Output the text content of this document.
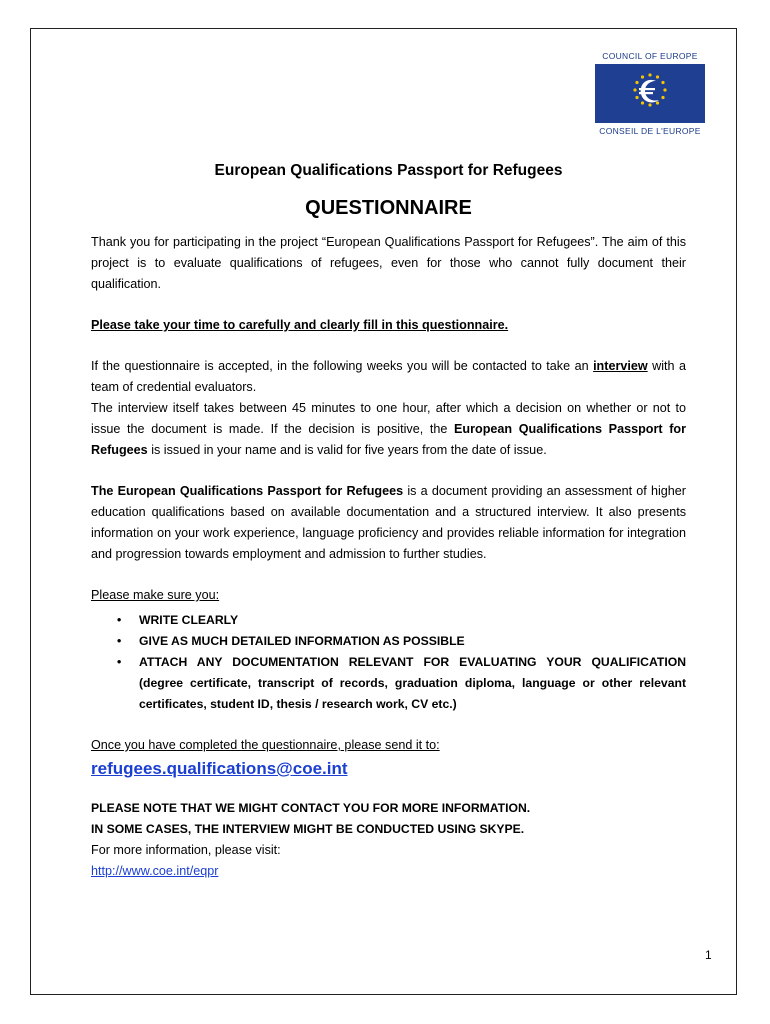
COUNCIL OF EUROPE
CONSEIL DE L'EUROPE
European Qualifications Passport for Refugees
QUESTIONNAIRE

Thank you for participating in the project “European Qualifications Passport for Refugees”. The aim of this project is to evaluate qualifications of refugees, even for those who cannot fully document their qualification.

Please take your time to carefully and clearly fill in this questionnaire.

If the questionnaire is accepted, in the following weeks you will be contacted to take an interview with a team of credential evaluators.

The interview itself takes between 45 minutes to one hour, after which a decision on whether or not to issue the document is made. If the decision is positive, the European Qualifications Passport for Refugees is issued in your name and is valid for five years from the date of issue.

The European Qualifications Passport for Refugees is a document providing an assessment of higher education qualifications based on available documentation and a structured interview. It also presents information on your work experience, language proficiency and provides reliable information for integration and progression towards employment and admission to further studies.

Please make sure you:

• WRITE CLEARLY
• GIVE AS MUCH DETAILED INFORMATION AS POSSIBLE
• ATTACH ANY DOCUMENTATION RELEVANT FOR EVALUATING YOUR QUALIFICATION (degree certificate, transcript of records, graduation diploma, language or other relevant certificates, student ID, thesis / research work, CV etc.)

Once you have completed the questionnaire, please send it to:

refugees.qualifications@coe.int

PLEASE NOTE THAT WE MIGHT CONTACT YOU FOR MORE INFORMATION.

IN SOME CASES, THE INTERVIEW MIGHT BE CONDUCTED USING SKYPE.

For more information, please visit:

http://www.coe.int/eqpr

1
